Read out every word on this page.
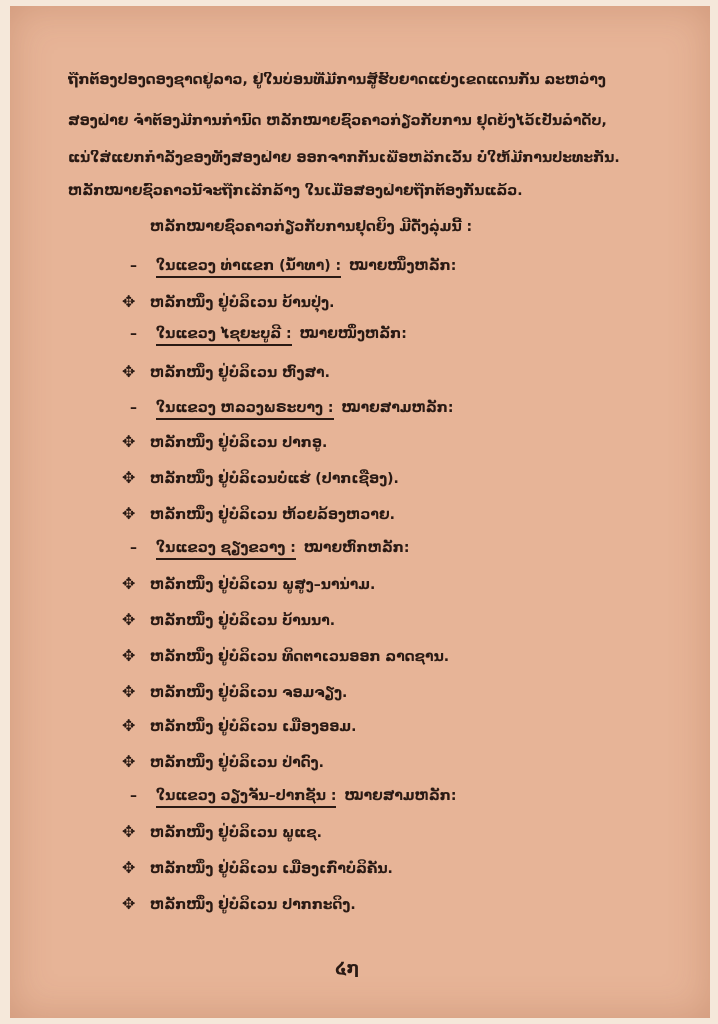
ຖືກຕ້ອງປອງດອງຊາດຢູ່ລາວ, ຢູ່ໃນບ່ອນທີ່ມີການສູ້ຮົບຍາດແຍ່ງເຂດແດນກັນ ລະຫວ່າງ
ສອງຝ່າຍ ຈຳຕ້ອງມີການກຳນົດ ຫລັກໝາຍຊົ່ວຄາວກ່ຽວກັບການ ຢຸດຍິງໄວ້ເປັນລຳດັບ,
ແນ່ໃສ່ແຍກກຳລັງຂອງທັງສອງຝ່າຍ ອອກຈາກກັນເພື່ອຫລີກເວັ້ນ ບໍ່ໃຫ້ມີການປະທະກັນ.
ຫລັກໝາຍຊົ່ວຄາວນີ້ຈະຖືກເລີກລ້າງ ໃນເມື່ອສອງຝ່າຍຖືກຕ້ອງກັນແລ້ວ.
ຫລັກໝາຍຊົ່ວຄາວກ່ຽວກັບການຢຸດຍິງ ມີດັ່ງລຸ່ມນີ້ :
– ໃນແຂວງ ທ່າແຂກ (ນ້ຳທາ) : ໝາຍໜຶ່ງຫລັກ:
✥ ຫລັກໜຶ່ງ ຢູ່ບໍລິເວນ ບ້ານປຸ່ງ.
– ໃນແຂວງ ໄຊຍະບູລີ : ໝາຍໜຶ່ງຫລັກ:
✥ ຫລັກໜຶ່ງ ຢູ່ບໍລິເວນ ຫົງສາ.
– ໃນແຂວງ ຫລວງພຣະບາງ : ໝາຍສາມຫລັກ:
✥ ຫລັກໜຶ່ງ ຢູ່ບໍລິເວນ ປາກອູ.
✥ ຫລັກໜຶ່ງ ຢູ່ບໍລິເວນບໍ່ແຮ່ (ປາກເຊືອງ).
✥ ຫລັກໜຶ່ງ ຢູ່ບໍລິເວນ ຫ້ວຍລ້ອງຫວາຍ.
– ໃນແຂວງ ຊຽງຂວາງ : ໝາຍຫົກຫລັກ:
✥ ຫລັກໜຶ່ງ ຢູ່ບໍລິເວນ ພູສູງ–ນານ່າມ.
✥ ຫລັກໜຶ່ງ ຢູ່ບໍລິເວນ ບ້ານນາ.
✥ ຫລັກໜຶ່ງ ຢູ່ບໍລິເວນ ທິດຕາເວນອອກ ລາດຊານ.
✥ ຫລັກໜຶ່ງ ຢູ່ບໍລິເວນ ຈອມຈຽງ.
✥ ຫລັກໜຶ່ງ ຢູ່ບໍລິເວນ ເມືອງອອມ.
✥ ຫລັກໜຶ່ງ ຢູ່ບໍລິເວນ ປ່າດົງ.
– ໃນແຂວງ ວຽງຈັນ–ປາກຊັນ : ໝາຍສາມຫລັກ:
✥ ຫລັກໜຶ່ງ ຢູ່ບໍລິເວນ ພູແຊ.
✥ ຫລັກໜຶ່ງ ຢູ່ບໍລິເວນ ເມືອງເກົ່າບໍລິຄັນ.
✥ ຫລັກໜຶ່ງ ຢູ່ບໍລິເວນ ປາກກະດິງ.
໔໗
